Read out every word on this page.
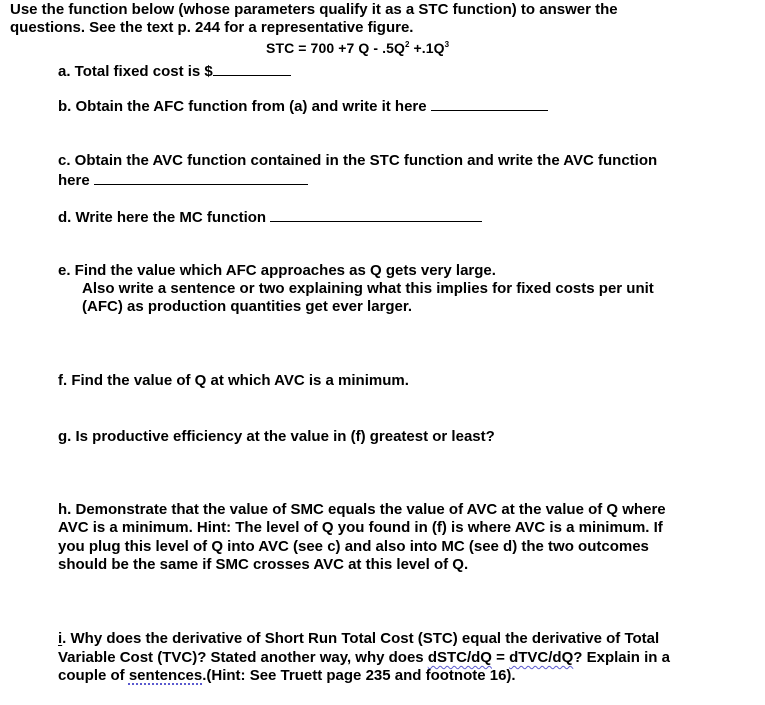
Use the function below (whose parameters qualify it as a STC function) to answer the
questions. See the text p. 244 for a representative figure.
STC = 700 +7 $Q - .5Q^2 +.1Q^3$
a. Total fixed cost is $
b. Obtain the AFC function from (a) and write it here
c. Obtain the AVC function contained in the STC function and write the AVC function
here
d. Write here the MC function
e. Find the value which AFC approaches as Q gets very large.
Also write a sentence or two explaining what this implies for fixed costs per unit
(AFC) as production quantities get ever larger.
f. Find the value of Q at which AVC is a minimum.
g. Is productive efficiency at the value in (f) greatest or least?
h. Demonstrate that the value of SMC equals the value of AVC at the value of Q where
AVC is a minimum. Hint: The level of Q you found in (f) is where AVC is a minimum. If
you plug this level of Q into AVC (see c) and also into MC (see d) the two outcomes
should be the same if SMC crosses AVC at this level of Q.
i. Why does the derivative of Short Run Total Cost (STC) equal the derivative of Total
Variable Cost (TVC)? Stated another way, why does dSTC/dQ = dTVC/dQ? Explain in a
couple of sentences.(Hint: See Truett page 235 and footnote 16).
